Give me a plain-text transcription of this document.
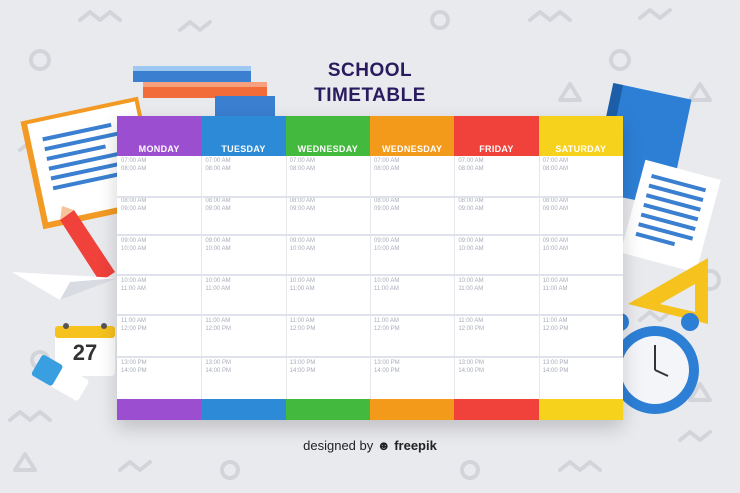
SCHOOL
TIMETABLE
MONDAY
07:00 AM
08:00 AM
08:00 AM
09:00 AM
09:00 AM
10:00 AM
10:00 AM
11:00 AM
11:00 AM
12:00 PM
13:00 PM
14:00 PM
TUESDAY
07:00 AM
08:00 AM
08:00 AM
09:00 AM
09:00 AM
10:00 AM
10:00 AM
11:00 AM
11:00 AM
12:00 PM
13:00 PM
14:00 PM
WEDNESDAY
07:00 AM
08:00 AM
08:00 AM
09:00 AM
09:00 AM
10:00 AM
10:00 AM
11:00 AM
11:00 AM
12:00 PM
13:00 PM
14:00 PM
WEDNESDAY
07:00 AM
08:00 AM
08:00 AM
09:00 AM
09:00 AM
10:00 AM
10:00 AM
11:00 AM
11:00 AM
12:00 PM
13:00 PM
14:00 PM
FRIDAY
07:00 AM
08:00 AM
08:00 AM
09:00 AM
09:00 AM
10:00 AM
10:00 AM
11:00 AM
11:00 AM
12:00 PM
13:00 PM
14:00 PM
SATURDAY
07:00 AM
08:00 AM
08:00 AM
09:00 AM
09:00 AM
10:00 AM
10:00 AM
11:00 AM
11:00 AM
12:00 PM
13:00 PM
14:00 PM
27
designed by ☻ freepik
